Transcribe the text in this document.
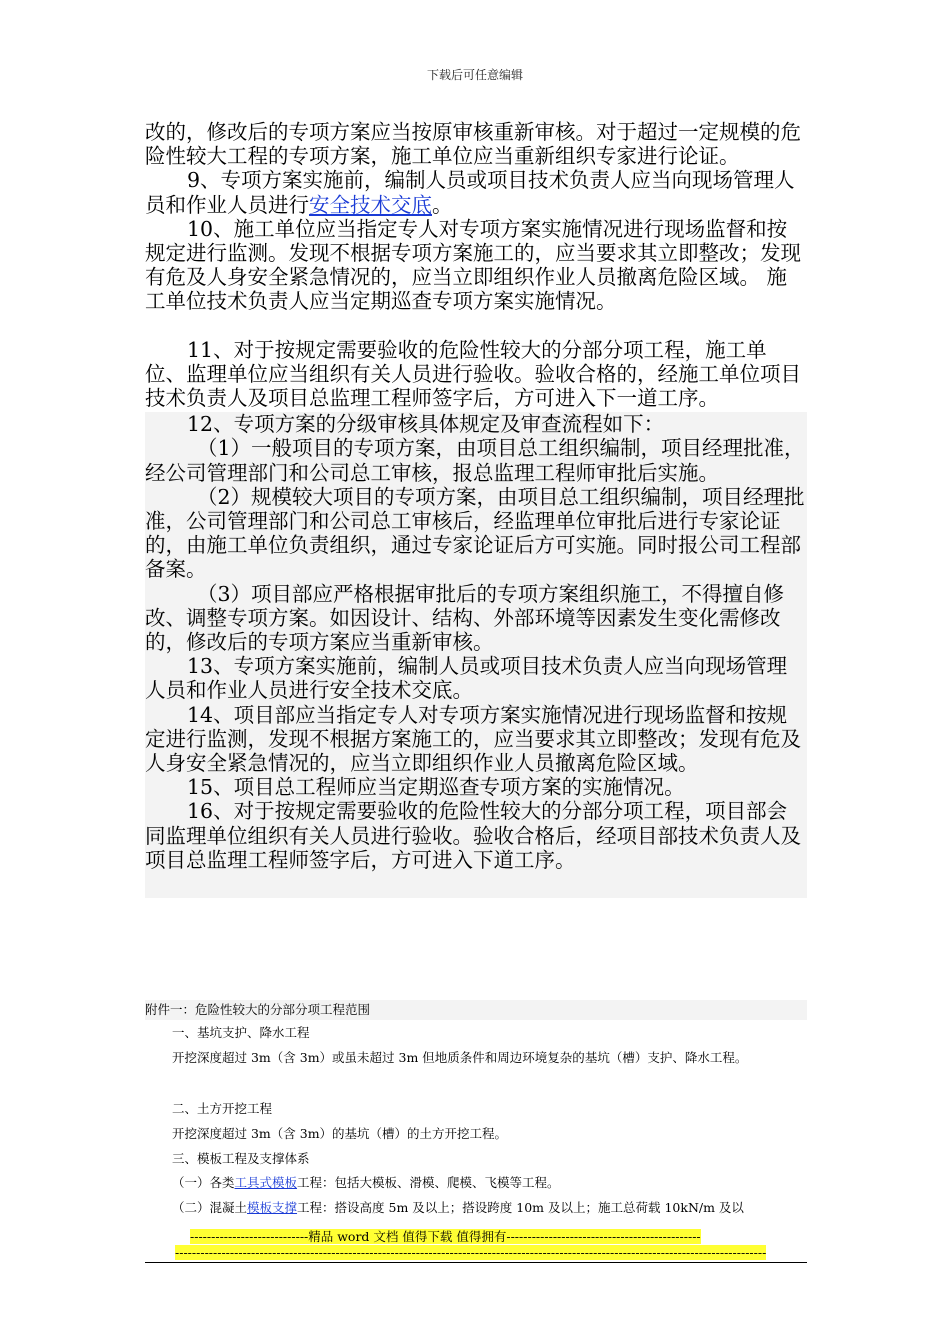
下载后可任意编辑

改的，修改后的专项方案应当按原审核重新审核。对于超过一定规模的危险性较大工程的专项方案，施工单位应当重新组织专家进行论证。

9、专项方案实施前，编制人员或项目技术负责人应当向现场管理人员和作业人员进行安全技术交底。

10、施工单位应当指定专人对专项方案实施情况进行现场监督和按规定进行监测。发现不根据专项方案施工的，应当要求其立即整改；发现有危及人身安全紧急情况的，应当立即组织作业人员撤离危险区域。 施工单位技术负责人应当定期巡查专项方案实施情况。

11、对于按规定需要验收的危险性较大的分部分项工程，施工单位、监理单位应当组织有关人员进行验收。验收合格的，经施工单位项目技术负责人及项目总监理工程师签字后，方可进入下一道工序。

12、专项方案的分级审核具体规定及审查流程如下：

（1）一般项目的专项方案，由项目总工组织编制，项目经理批准，经公司管理部门和公司总工审核，报总监理工程师审批后实施。

（2）规模较大项目的专项方案，由项目总工组织编制，项目经理批准，公司管理部门和公司总工审核后，经监理单位审批后进行专家论证的，由施工单位负责组织，通过专家论证后方可实施。同时报公司工程部备案。

（3）项目部应严格根据审批后的专项方案组织施工，不得擅自修改、调整专项方案。如因设计、结构、外部环境等因素发生变化需修改的，修改后的专项方案应当重新审核。

13、专项方案实施前，编制人员或项目技术负责人应当向现场管理人员和作业人员进行安全技术交底。

14、项目部应当指定专人对专项方案实施情况进行现场监督和按规定进行监测，发现不根据方案施工的，应当要求其立即整改；发现有危及人身安全紧急情况的，应当立即组织作业人员撤离危险区域。

15、项目总工程师应当定期巡查专项方案的实施情况。

16、对于按规定需要验收的危险性较大的分部分项工程，项目部会同监理单位组织有关人员进行验收。验收合格后，经项目部技术负责人及项目总监理工程师签字后，方可进入下道工序。

附件一：危险性较大的分部分项工程范围
一、基坑支护、降水工程
开挖深度超过 3m（含 3m）或虽未超过 3m 但地质条件和周边环境复杂的基坑（槽）支护、降水工程。
二、土方开挖工程
开挖深度超过 3m（含 3m）的基坑（槽）的土方开挖工程。
三、模板工程及支撑体系
（一）各类工具式模板工程：包括大模板、滑模、爬模、飞模等工程。
（二）混凝土模板支撑工程：搭设高度 5m 及以上；搭设跨度 10m 及以上；施工总荷载 10kN/m 及以
----------------------------精品 word 文档 值得下载 值得拥有----------------------------------------------
--------------------------------------------------------------------------------------------------------------------------------------------
